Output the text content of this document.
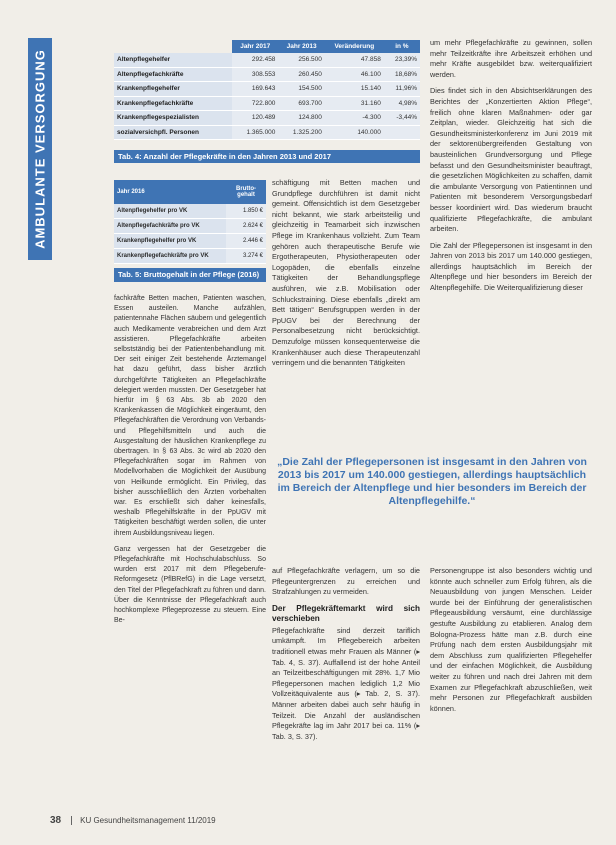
AMBULANTE VERSORGUNG
	Jahr 2017	Jahr 2013	Veränderung	in %
Altenpflegehelfer	292.458	256.500	47.858	23,39%
Altenpflegefachkräfte	308.553	260.450	46.100	18,68%
Krankenpflegehelfer	169.643	154.500	15.140	11,96%
Krankenpflegefachkräfte	722.800	693.700	31.160	4,98%
Krankenpflegespezialisten	120.489	124.800	-4.300	-3,44%
sozialversichpfl. Personen	1.365.000	1.325.200	140.000	
Tab. 4: Anzahl der Pflegekräfte in den Jahren 2013 und 2017
Jahr 2016	Brutto-gehalt
Altenpflegehelfer pro VK	1.850 €
Altenpflegefachkräfte pro VK	2.624 €
Krankenpflegehelfer pro VK	2.446 €
Krankenpflegefachkräfte pro VK	3.274 €
Tab. 5: Bruttogehalt in der Pflege (2016)

schäftigung mit Betten machen und Grundpflege durchführen ist damit nicht gemeint. Offensichtlich ist dem Gesetzgeber nicht bekannt, wie stark arbeitsteilig und gleichzeitig in Teamarbeit sich inzwischen Pflege im Krankenhaus vollzieht. Zum Team gehören auch therapeutische Berufe wie Ergotherapeuten, Physiotherapeuten oder Logopäden, die ebenfalls einzelne Tätigkeiten der Behandlungspflege ausführen, wie z.B. Mobilisation oder Schluckstraining. Diese ebenfalls „direkt am Bett tätigen“ Berufsgruppen werden in der PpUGV bei der Berechnung der Personalbesetzung nicht berücksichtigt. Demzufolge müssen konsequenterweise die Krankenhäuser auch diese Therapeutenzahl verringern und die benannten Tätigkeiten

um mehr Pflegefachkräfte zu gewinnen, sollen mehr Teilzeitkräfte ihre Arbeitszeit erhöhen und mehr Kräfte ausgebildet bzw. weiterqualifiziert werden.

Dies findet sich in den Absichtserklärungen des Berichtes der „Konzertierten Aktion Pflege“, freilich ohne klaren Maßnahmen- oder gar Zeitplan, wieder. Gleichzeitig hat sich die Gesundheitsministerkonferenz im Juni 2019 mit der sektorenübergreifenden Gestaltung von bausteinlichen Grundversorgung und Pflege befasst und den Gesundheitsminister beauftragt, die gesetzlichen Möglichkeiten zu schaffen, damit die ambulante Versorgung von Patientinnen und Patienten mit besonderem Versorgungsbedarf besser koordiniert wird. Das wiederum braucht qualifizierte Pflegefachkräfte, die ambulant arbeiten.

Die Zahl der Pflegepersonen ist insgesamt in den Jahren von 2013 bis 2017 um 140.000 gestiegen, allerdings hauptsächlich im Bereich der Altenpflege und hier besonders im Bereich der Altenpflegehilfe. Die Weiterqualifizierung dieser

fachkräfte Betten machen, Patienten waschen, Essen austeilen. Manche aufzählen, patientennahe Flächen säubern und gelegentlich auch Medikamente verabreichen und dem Arzt assistieren. Pflegefachkräfte arbeiten selbstständig bei der Patientenbehandlung mit. Der seit einiger Zeit bestehende Ärztemangel hat dazu geführt, dass bisher ärztlich durchgeführte Tätigkeiten an Pflegefachkräfte delegiert werden mussten. Der Gesetzgeber hat hierfür im § 63 Abs. 3b ab 2020 den Krankenkassen die Möglichkeit eingeräumt, den Pflegefachkräften die Verordnung von Verbands- und Pflegehilfsmitteln und auch die Ausgestaltung der häuslichen Krankenpflege zu übertragen. In § 63 Abs. 3c wird ab 2020 den Pflegefachkräften sogar im Rahmen von Modellvorhaben die Möglichkeit der Ausübung von Heilkunde ermöglicht. Ein Privileg, das bisher ausschließlich den Ärzten vorbehalten war. Es erschließt sich daher keinesfalls, weshalb Pflegehilfskräfte in der PpUGV mit Tätigkeiten beschäftigt werden sollen, die unter ihrem Ausbildungsniveau liegen.

Ganz vergessen hat der Gesetzgeber die Pflegefachkräfte mit Hochschulabschluss. So wurden erst 2017 mit dem Pflegeberufe-Reformgesetz (PflBRefG) in die Lage versetzt, den Titel der Pflegefachkraft zu führen und dann. Über die Kenntnisse der Pflegefachkraft auch hochkomplexe Pflegeprozesse zu steuern. Eine Be-

„Die Zahl der Pflegepersonen ist insgesamt in den Jahren von 2013 bis 2017 um 140.000 gestiegen, allerdings hauptsächlich im Bereich der Altenpflege und hier besonders im Bereich der Altenpflegehilfe.“

auf Pflegefachkräfte verlagern, um so die Pflegeuntergrenzen zu erreichen und Strafzahlungen zu vermeiden.

Der Pflegekräftemarkt wird sich verschieben

Pflegefachkräfte sind derzeit tariflich umkämpft. Im Pflegebereich arbeiten traditionell etwas mehr Frauen als Männer (▸ Tab. 4, S. 37). Auffallend ist der hohe Anteil an Teilzeitbeschäftigungen mit 28%. 1,7 Mio Pflegepersonen machen lediglich 1,2 Mio Vollzeitäquivalente aus (▸ Tab. 2, S. 37). Männer arbeiten dabei auch sehr häufig in Teilzeit. Die Anzahl der ausländischen Pflegekräfte lag im Jahr 2017 bei ca. 11% (▸ Tab. 3, S. 37).

Personengruppe ist also besonders wichtig und könnte auch schneller zum Erfolg führen, als die Neuausbildung von jungen Menschen. Leider wurde bei der Einführung der generalistischen Pflegeausbildung versäumt, eine durchlässige gestufte Ausbildung zu etablieren. Analog dem Bologna-Prozess hätte man z.B. durch eine Prüfung nach dem ersten Ausbildungsjahr mit dem Abschluss zum qualifizierten Pflegehelfer und der einfachen Möglichkeit, die Ausbildung weiter zu führen und nach drei Jahren mit dem Examen zur Pflegefachkraft abzuschließen, weit mehr Personen zur Pflegefachkraft ausbilden können.

38 KU Gesundheitsmanagement 11/2019
